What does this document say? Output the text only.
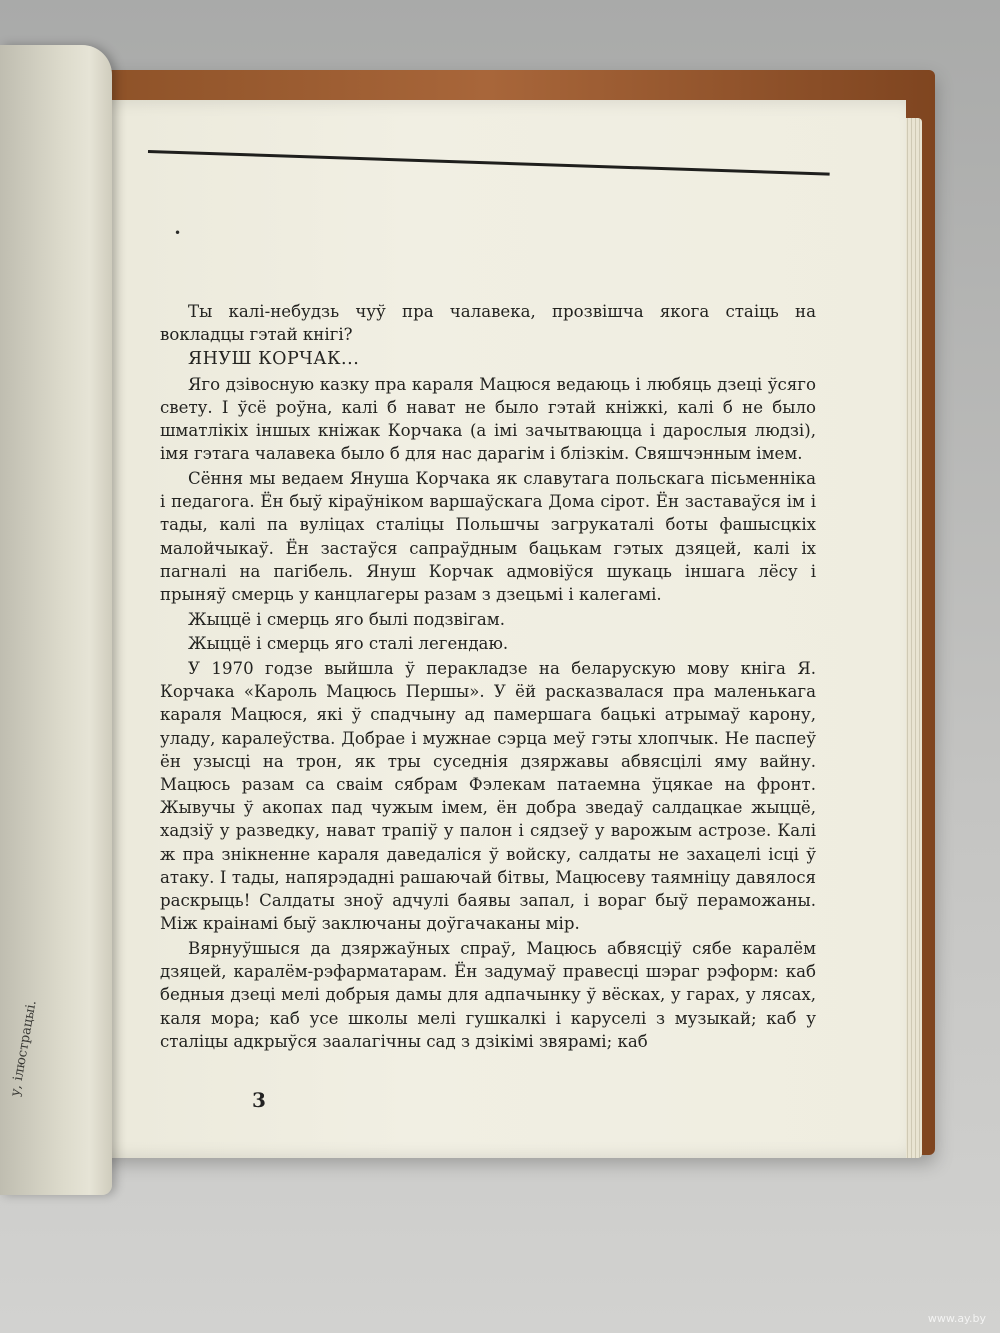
у, ілюстрацыі.
•

Ты калі-небудзь чуў пра чалавека, прозвішча якога стаіць на вокладцы гэтай кнігі?

ЯНУШ КОРЧАК...

Яго дзівосную казку пра караля Мацюся ведаюць і любяць дзеці ўсяго свету. І ўсё роўна, калі б нават не было гэтай кніжкі, калі б не было шматлікіх іншых кніжак Корчака (а імі зачытваюцца і дарослыя людзі), імя гэтага чалавека было б для нас дарагім і блізкім. Свяшчэнным імем.

Сёння мы ведаем Януша Корчака як славутага польскага пісьменніка і педагога. Ён быў кіраўніком варшаўскага Дома сірот. Ён заставаўся ім і тады, калі па вуліцах сталіцы Польшчы загрукаталі боты фашысцкіх малойчыкаў. Ён застаўся сапраўдным бацькам гэтых дзяцей, калі іх пагналі на пагібель. Януш Корчак адмовіўся шукаць іншага лёсу і прыняў смерць у канцлагеры разам з дзецьмі і калегамі.

Жыццё і смерць яго былі подзвігам.

Жыццё і смерць яго сталі легендаю.

У 1970 годзе выйшла ў перакладзе на беларускую мову кніга Я. Корчака «Кароль Мацюсь Першы». У ёй расказвалася пра маленькага караля Мацюся, які ў спадчыну ад памершага бацькі атрымаў карону, уладу, каралеўства. Добрае і мужнае сэрца меў гэты хлопчык. Не паспеў ён узысці на трон, як тры суседнія дзяржавы абвясцілі яму вайну. Мацюсь разам са сваім сябрам Фэлекам патаемна ўцякае на фронт. Жывучы ў акопах пад чужым імем, ён добра зведаў салдацкае жыццё, хадзіў у разведку, нават трапіў у палон і сядзеў у варожым астрозе. Калі ж пра знікненне караля даведаліся ў войску, салдаты не захацелі ісці ў атаку. І тады, напярэдадні рашаючай бітвы, Мацюсеву таямніцу давялося раскрыць! Салдаты зноў адчулі баявы запал, і вораг быў пераможаны. Між краінамі быў заключаны доўгачаканы мір.

Вярнуўшыся да дзяржаўных спраў, Мацюсь абвясціў сябе каралём дзяцей, каралём-рэфарматарам. Ён задумаў правесці шэраг рэформ: каб бедныя дзеці мелі добрыя дамы для адпачынку ў вёсках, у гарах, у лясах, каля мора; каб усе школы мелі гушкалкі і каруселі з музыкай; каб у сталіцы адкрыўся заалагічны сад з дзікімі звярамі; каб

3
www.ay.by
